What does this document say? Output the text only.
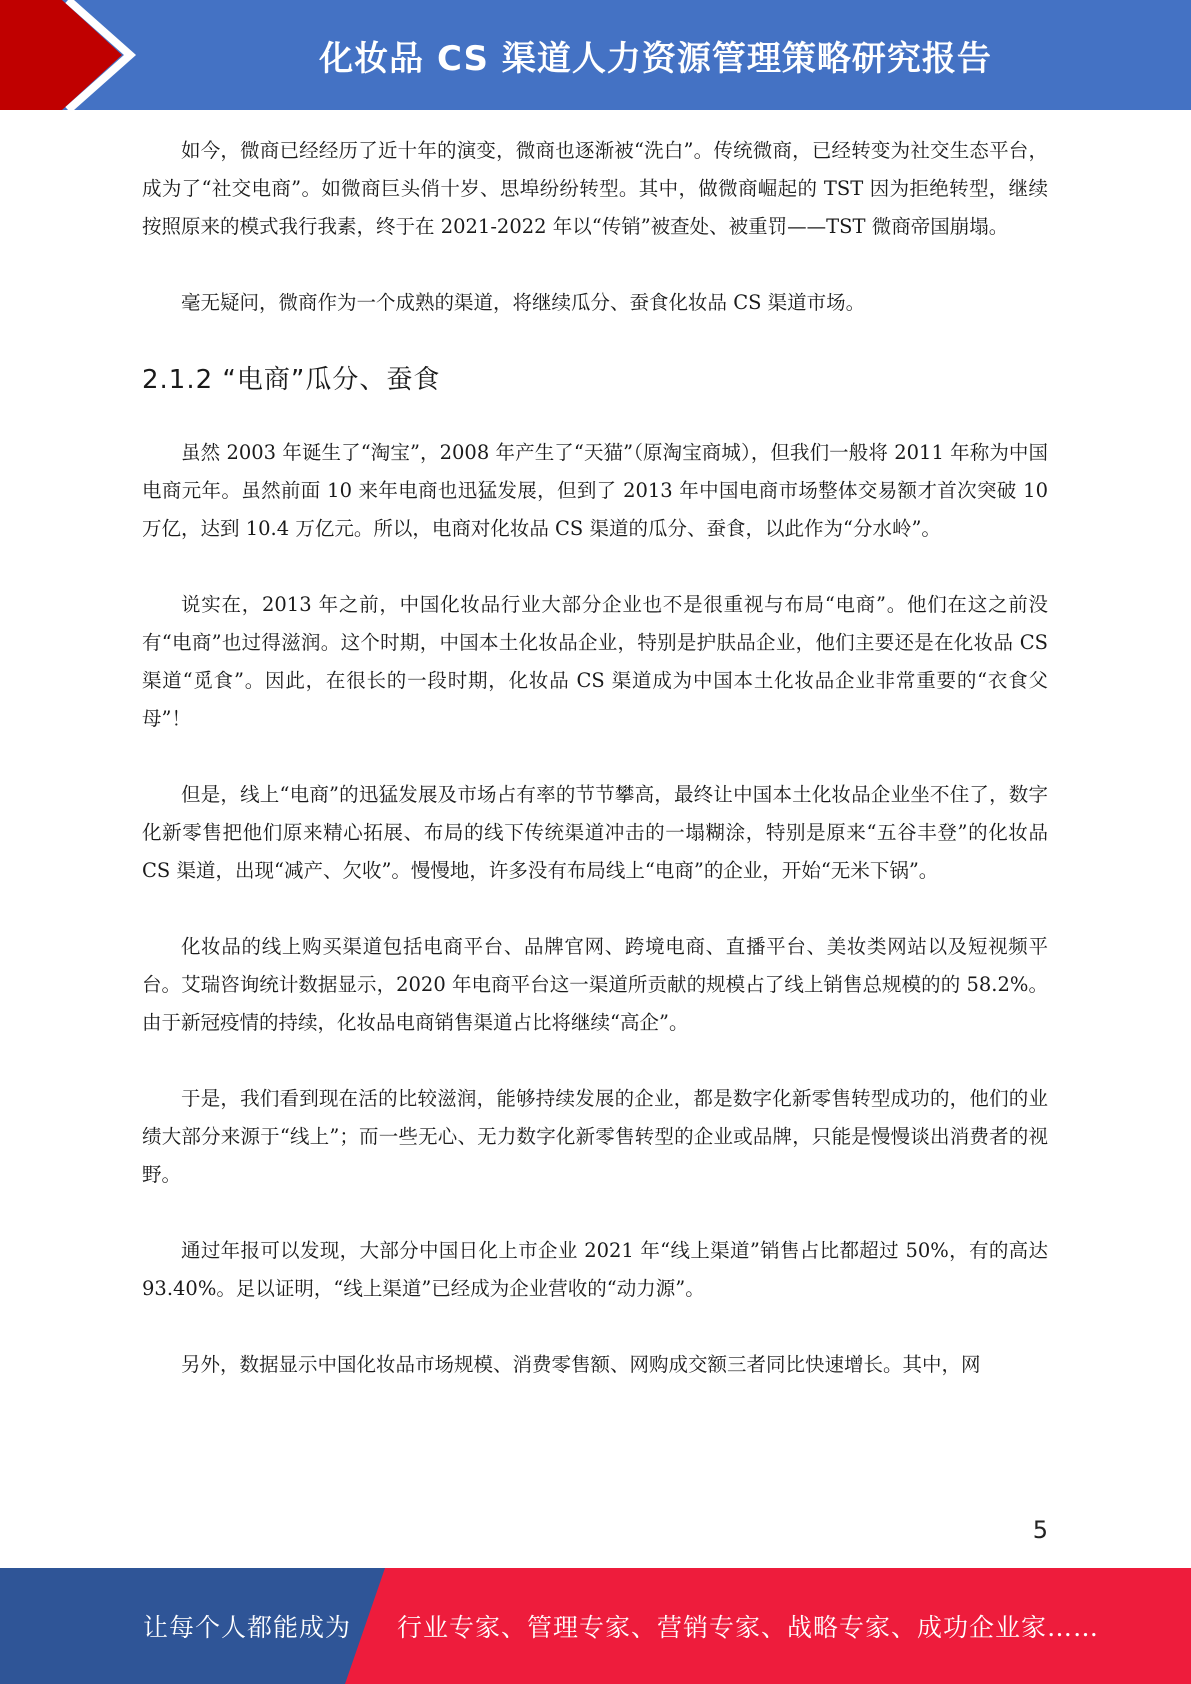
化妆品 CS 渠道人力资源管理策略研究报告

如今，微商已经经历了近十年的演变，微商也逐渐被“洗白”。传统微商，已经转变为社交生态平台，成为了“社交电商”。如微商巨头俏十岁、思埠纷纷转型。其中，做微商崛起的 TST 因为拒绝转型，继续按照原来的模式我行我素，终于在 2021-2022 年以“传销”被查处、被重罚——TST 微商帝国崩塌。

毫无疑问，微商作为一个成熟的渠道，将继续瓜分、蚕食化妆品 CS 渠道市场。

2.1.2 “电商”瓜分、蚕食

虽然 2003 年诞生了“淘宝”，2008 年产生了“天猫”（原淘宝商城），但我们一般将 2011 年称为中国电商元年。虽然前面 10 来年电商也迅猛发展，但到了 2013 年中国电商市场整体交易额才首次突破 10 万亿，达到 10.4 万亿元。所以，电商对化妆品 CS 渠道的瓜分、蚕食，以此作为“分水岭”。

说实在，2013 年之前，中国化妆品行业大部分企业也不是很重视与布局“电商”。他们在这之前没有“电商”也过得滋润。这个时期，中国本土化妆品企业，特别是护肤品企业，他们主要还是在化妆品 CS 渠道“觅食”。因此，在很长的一段时期，化妆品 CS 渠道成为中国本土化妆品企业非常重要的“衣食父母”！

但是，线上“电商”的迅猛发展及市场占有率的节节攀高，最终让中国本土化妆品企业坐不住了，数字化新零售把他们原来精心拓展、布局的线下传统渠道冲击的一塌糊涂，特别是原来“五谷丰登”的化妆品 CS 渠道，出现“减产、欠收”。慢慢地，许多没有布局线上“电商”的企业，开始“无米下锅”。

化妆品的线上购买渠道包括电商平台、品牌官网、跨境电商、直播平台、美妆类网站以及短视频平台。艾瑞咨询统计数据显示，2020 年电商平台这一渠道所贡献的规模占了线上销售总规模的的 58.2%。由于新冠疫情的持续，化妆品电商销售渠道占比将继续“高企”。

于是，我们看到现在活的比较滋润，能够持续发展的企业，都是数字化新零售转型成功的，他们的业绩大部分来源于“线上”；而一些无心、无力数字化新零售转型的企业或品牌，只能是慢慢谈出消费者的视野。

通过年报可以发现，大部分中国日化上市企业 2021 年“线上渠道”销售占比都超过 50%，有的高达 93.40%。足以证明，“线上渠道”已经成为企业营收的“动力源”。

另外，数据显示中国化妆品市场规模、消费零售额、网购成交额三者同比快速增长。其中，网

5
让每个人都能成为 行业专家、管理专家、营销专家、战略专家、成功企业家……
